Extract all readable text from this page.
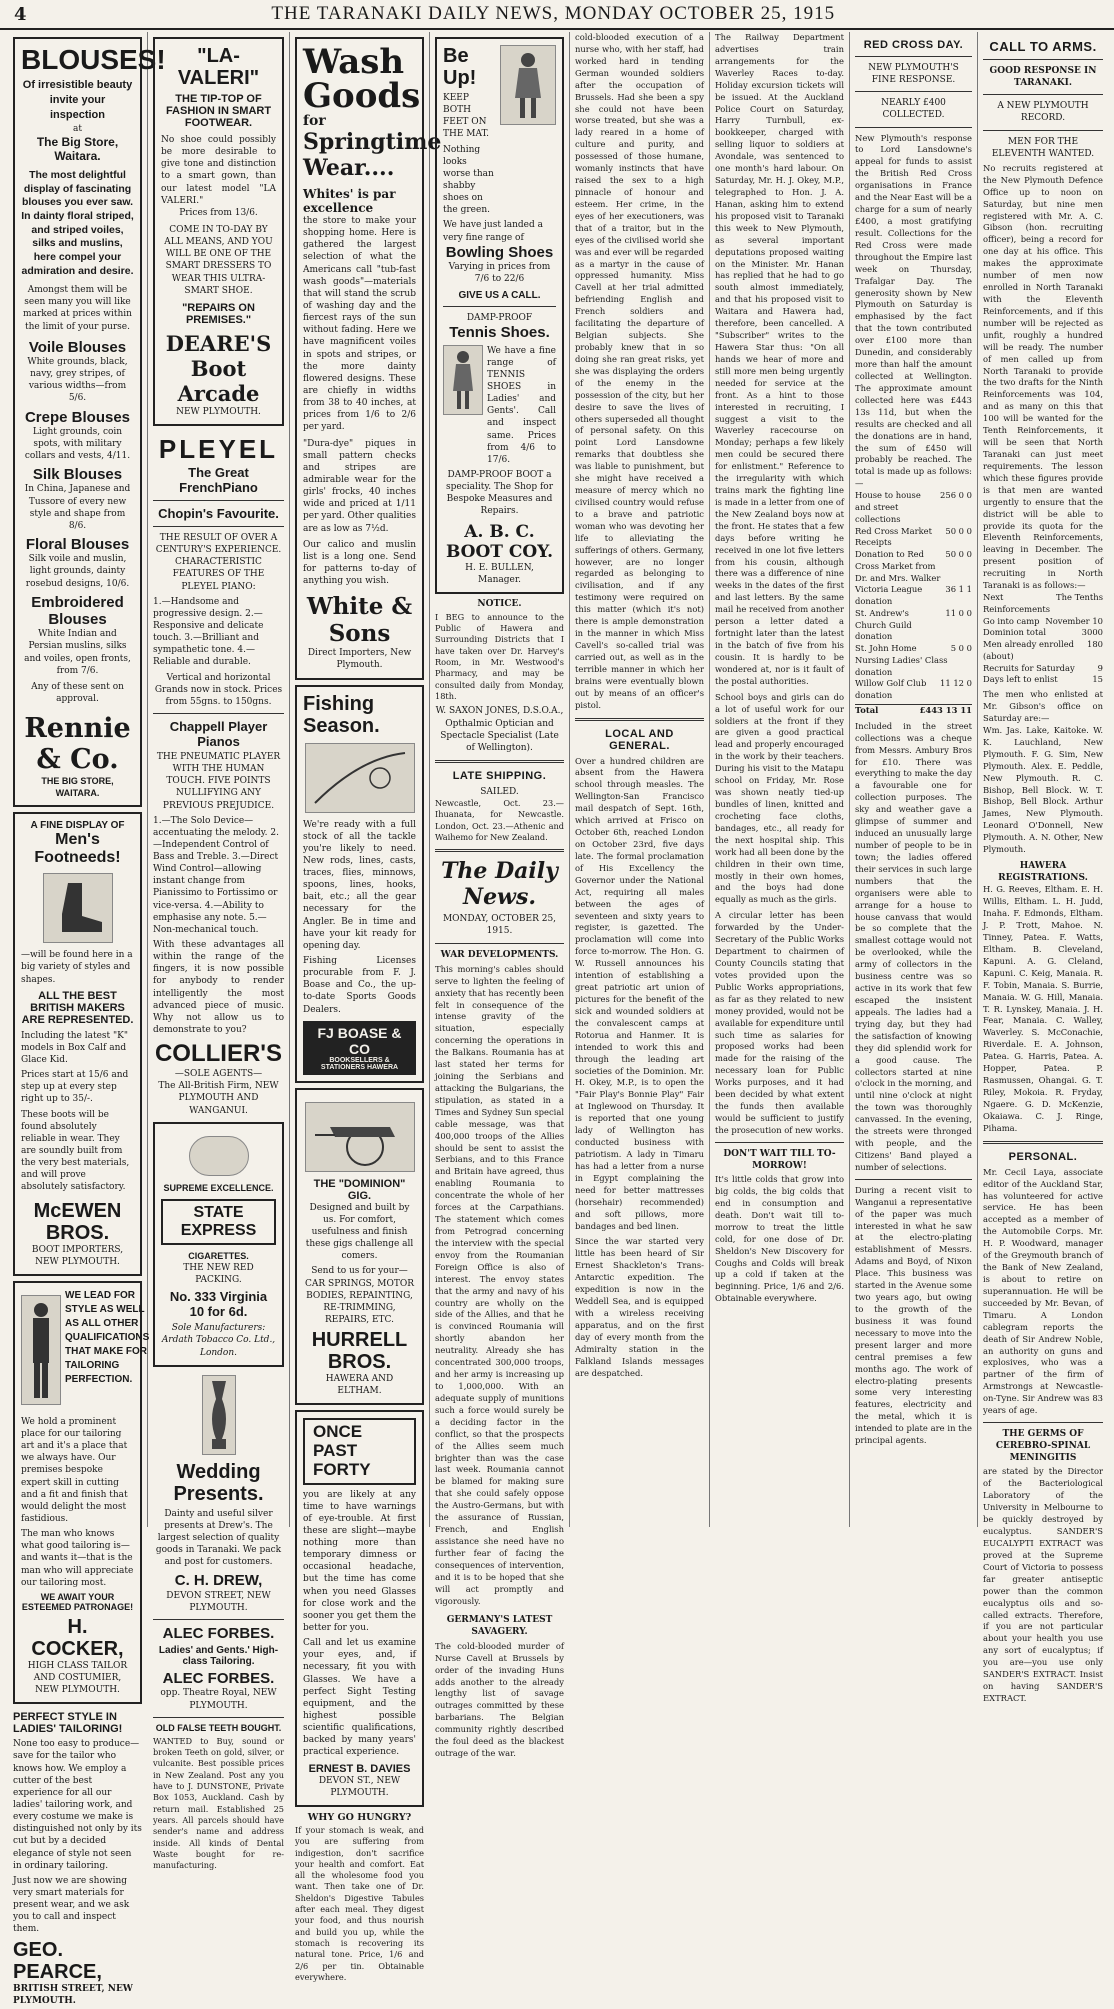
4	THE TARANAKI DAILY NEWS, MONDAY OCTOBER 25, 1915
BLOUSES!
Of irresistible beauty invite your inspection
at
The Big Store, Waitara.
The most delightful display of fascinating blouses you ever saw. In dainty floral striped, and striped voiles, silks and muslins, here compel your admiration and desire.
Amongst them will be seen many you will like marked at prices within the limit of your purse.
Voile Blouses
White grounds, black, navy, grey stripes, of various widths—from 5/6.
Crepe Blouses
Light grounds, coin spots, with military collars and vests, 4/11.
Silk Blouses
In China, Japanese and Tussore of every new style and shape from 8/6.
Floral Blouses
Silk voile and muslin, light grounds, dainty rosebud designs, 10/6.
Embroidered Blouses
White Indian and Persian muslins, silks and voiles, open fronts, from 7/6.
Any of these sent on approval.
Rennie & Co.
THE BIG STORE, WAITARA.
A FINE DISPLAY OF
Men's Footneeds!
—will be found here in a big variety of styles and shapes.
ALL THE BEST BRITISH MAKERS ARE REPRESENTED.
Including the latest "K" models in Box Calf and Glace Kid.
Prices start at 15/6 and step up at every step right up to 35/-.
These boots will be found absolutely reliable in wear. They are soundly built from the very best materials, and will prove absolutely satisfactory.
McEWEN BROS.
BOOT IMPORTERS, NEW PLYMOUTH.
WE LEAD FOR STYLE AS WELL AS ALL OTHER QUALIFICATIONS THAT MAKE FOR TAILORING PERFECTION.
We hold a prominent place for our tailoring art and it's a place that we always have. Our premises bespoke expert skill in cutting and a fit and finish that would delight the most fastidious.
The man who knows what good tailoring is—and wants it—that is the man who will appreciate our tailoring most.
WE AWAIT YOUR ESTEEMED PATRONAGE!
H. COCKER,
HIGH CLASS TAILOR AND COSTUMIER, NEW PLYMOUTH.
PERFECT STYLE IN LADIES' TAILORING!
None too easy to produce—save for the tailor who knows how. We employ a cutter of the best experience for all our ladies' tailoring work, and every costume we make is distinguished not only by its cut but by a decided elegance of style not seen in ordinary tailoring.
Just now we are showing very smart materials for present wear, and we ask you to call and inspect them.
GEO. PEARCE,
BRITISH STREET, NEW PLYMOUTH.
"LA-VALERI"
THE TIP-TOP OF FASHION IN SMART FOOTWEAR.
No shoe could possibly be more desirable to give tone and distinction to a smart gown, than our latest model "LA VALERI."
Prices from 13/6.
COME IN TO-DAY BY ALL MEANS, AND YOU WILL BE ONE OF THE SMART DRESSERS TO WEAR THIS ULTRA-SMART SHOE.
"REPAIRS ON PREMISES."
DEARE'S Boot Arcade
NEW PLYMOUTH.
PLEYEL
The Great FrenchPiano
Chopin's Favourite.
THE RESULT OF OVER A CENTURY'S EXPERIENCE. CHARACTERISTIC FEATURES OF THE PLEYEL PIANO:
1.—Handsome and progressive design. 2.—Responsive and delicate touch. 3.—Brilliant and sympathetic tone. 4.—Reliable and durable.
Vertical and horizontal Grands now in stock. Prices from 55gns. to 150gns.
Chappell Player Pianos
THE PNEUMATIC PLAYER WITH THE HUMAN TOUCH. FIVE POINTS NULLIFYING ANY PREVIOUS PREJUDICE.
1.—The Solo Device—accentuating the melody. 2.—Independent Control of Bass and Treble. 3.—Direct Wind Control—allowing instant change from Pianissimo to Fortissimo or vice-versa. 4.—Ability to emphasise any note. 5.—Non-mechanical touch.
With these advantages all within the range of the fingers, it is now possible for anybody to render intelligently the most advanced piece of music. Why not allow us to demonstrate to you?
COLLIER'S
—SOLE AGENTS—
The All-British Firm, NEW PLYMOUTH AND WANGANUI.
SUPREME EXCELLENCE.
STATE EXPRESS
CIGARETTES.
THE NEW RED PACKING.
No. 333 Virginia 10 for 6d.
Sole Manufacturers: Ardath Tobacco Co. Ltd., London.
Wedding Presents.
Dainty and useful silver presents at Drew's. The largest selection of quality goods in Taranaki. We pack and post for customers.
C. H. DREW,
DEVON STREET, NEW PLYMOUTH.
ALEC FORBES.
Ladies' and Gents.' High-class Tailoring.
ALEC FORBES.
opp. Theatre Royal, NEW PLYMOUTH.
OLD FALSE TEETH BOUGHT.
WANTED to Buy, sound or broken Teeth on gold, silver, or vulcanite. Best possible prices in New Zealand. Post any you have to J. DUNSTONE, Private Box 1053, Auckland. Cash by return mail. Established 25 years. All parcels should have sender's name and address inside. All kinds of Dental Waste bought for re-manufacturing.
Wash
Goods
for
Springtime
Wear....
Whites' is par excellence
the store to make your shopping home. Here is gathered the largest selection of what the Americans call "tub-fast wash goods"—materials that will stand the scrub of washing day and the fiercest rays of the sun without fading. Here we have magnificent voiles in spots and stripes, or the more dainty flowered designs. These are chiefly in widths from 38 to 40 inches, at prices from 1/6 to 2/6 per yard.
"Dura-dye" piques in small pattern checks and stripes are admirable wear for the girls' frocks, 40 inches wide and priced at 1/11 per yard. Other qualities are as low as 7½d.
Our calico and muslin list is a long one. Send for patterns to-day of anything you wish.
White & Sons
Direct Importers, New Plymouth.
Fishing Season.
We're ready with a full stock of all the tackle you're likely to need. New rods, lines, casts, traces, flies, minnows, spoons, lines, hooks, bait, etc.; all the gear necessary for the Angler. Be in time and have your kit ready for opening day.
Fishing Licenses procurable from F. J. Boase and Co., the up-to-date Sports Goods Dealers.
FJ BOASE & CO
BOOKSELLERS & STATIONERS HAWERA
THE "DOMINION" GIG.
Designed and built by us. For comfort, usefulness and finish these gigs challenge all comers.
Send to us for your—
CAR SPRINGS, MOTOR BODIES, REPAINTING, RE-TRIMMING, REPAIRS, ETC.
HURRELL BROS.
HAWERA AND ELTHAM.
ONCE PAST FORTY
you are likely at any time to have warnings of eye-trouble. At first these are slight—maybe nothing more than temporary dimness or occasional headache, but the time has come when you need Glasses for close work and the sooner you get them the better for you.
Call and let us examine your eyes, and, if necessary, fit you with Glasses. We have a perfect Sight Testing equipment, and the highest possible scientific qualifications, backed by many years' practical experience.
ERNEST B. DAVIES
DEVON ST., NEW PLYMOUTH.
WHY GO HUNGRY?
If your stomach is weak, and you are suffering from indigestion, don't sacrifice your health and comfort. Eat all the wholesome food you want. Then take one of Dr. Sheldon's Digestive Tabules after each meal. They digest your food, and thus nourish and build you up, while the stomach is recovering its natural tone. Price, 1/6 and 2/6 per tin. Obtainable everywhere.
Be Up!
KEEP BOTH FEET ON THE MAT.
Nothing looks worse than shabby shoes on the green.
We have just landed a very fine range of
Bowling Shoes
Varying in prices from 7/6 to 22/6
GIVE US A CALL.
DAMP-PROOF
Tennis Shoes.
We have a fine range of TENNIS SHOES in Ladies' and Gents'. Call and inspect same. Prices from 4/6 to 17/6.
DAMP-PROOF BOOT a speciality. The Shop for Bespoke Measures and Repairs.
A. B. C. BOOT COY.
H. E. BULLEN, Manager.
NOTICE.
I BEG to announce to the Public of Hawera and Surrounding Districts that I have taken over Dr. Harvey's Room, in Mr. Westwood's Pharmacy, and may be consulted daily from Monday, 18th.
W. SAXON JONES, D.S.O.A., Opthalmic Optician and Spectacle Specialist (Late of Wellington).
LATE SHIPPING.
SAILED.
Newcastle, Oct. 23.—Ihuanata, for Newcastle. London, Oct. 23.—Athenic and Waihemo for New Zealand.
The Daily News.
MONDAY, OCTOBER 25, 1915.
WAR DEVELOPMENTS.
This morning's cables should serve to lighten the feeling of anxiety that has recently been felt in consequence of the intense gravity of the situation, especially concerning the operations in the Balkans. Roumania has at last stated her terms for joining the Serbians and attacking the Bulgarians, the stipulation, as stated in a Times and Sydney Sun special cable message, was that 400,000 troops of the Allies should be sent to assist the Serbians, and to this France and Britain have agreed, thus enabling Roumania to concentrate the whole of her forces at the Carpathians. The statement which comes from Petrograd concerning the interview with the special envoy from the Roumanian Foreign Office is also of interest. The envoy states that the army and navy of his country are wholly on the side of the Allies, and that he is convinced Roumania will shortly abandon her neutrality. Already she has concentrated 300,000 troops, and her army is increasing up to 1,000,000. With an adequate supply of munitions such a force would surely be a deciding factor in the conflict, so that the prospects of the Allies seem much brighter than was the case last week. Roumania cannot be blamed for making sure that she could safely oppose the Austro-Germans, but with the assurance of Russian, French, and English assistance she need have no further fear of facing the consequences of intervention, and it is to be hoped that she will act promptly and vigorously.
GERMANY'S LATEST SAVAGERY.
The cold-blooded murder of Nurse Cavell at Brussels by order of the invading Huns adds another to the already lengthy list of savage outrages committed by these barbarians. The Belgian community rightly described the foul deed as the blackest outrage of the war.
cold-blooded execution of a nurse who, with her staff, had worked hard in tending German wounded soldiers after the occupation of Brussels. Had she been a spy she could not have been worse treated, but she was a lady reared in a home of culture and purity, and possessed of those humane, womanly instincts that have raised the sex to a high pinnacle of honour and esteem. Her crime, in the eyes of her executioners, was that of a traitor, but in the eyes of the civilised world she was and ever will be regarded as a martyr in the cause of oppressed humanity. Miss Cavell at her trial admitted befriending English and French soldiers and facilitating the departure of Belgian subjects. She probably knew that in so doing she ran great risks, yet she was displaying the orders of the enemy in the possession of the city, but her desire to save the lives of others superseded all thought of personal safety. On this point Lord Lansdowne remarks that doubtless she was liable to punishment, but she might have received a measure of mercy which no civilised country would refuse to a brave and patriotic woman who was devoting her life to alleviating the sufferings of others. Germany, however, are no longer regarded as belonging to civilisation, and if any testimony were required on this matter (which it's not) there is ample demonstration in the manner in which Miss Cavell's so-called trial was carried out, as well as in the terrible manner in which her brains were eventually blown out by means of an officer's pistol.
LOCAL AND GENERAL.
Over a hundred children are absent from the Hawera school through measles. The Wellington-San Francisco mail despatch of Sept. 16th, which arrived at Frisco on October 6th, reached London on October 23rd, five days late. The formal proclamation of His Excellency the Governor under the National Act, requiring all males between the ages of seventeen and sixty years to register, is gazetted. The proclamation will come into force to-morrow. The Hon. G. W. Russell announces his intention of establishing a great patriotic art union of pictures for the benefit of the sick and wounded soldiers at the convalescent camps at Rotorua and Hanmer. It is intended to work this and through the leading art societies of the Dominion. Mr. H. Okey, M.P., is to open the "Fair Play's Bonnie Play" Fair at Inglewood on Thursday. It is reported that one young lady of Wellington has conducted business with patriotism. A lady in Timaru has had a letter from a nurse in Egypt complaining the need for better mattresses (horsehair) recommended) and soft pillows, more bandages and bed linen.
Since the war started very little has been heard of Sir Ernest Shackleton's Trans-Antarctic expedition. The expedition is now in the Weddell Sea, and is equipped with a wireless receiving apparatus, and on the first day of every month from the Admiralty station in the Falkland Islands messages are despatched.
The Railway Department advertises train arrangements for the Waverley Races to-day. Holiday excursion tickets will be issued. At the Auckland Police Court on Saturday, Harry Turnbull, ex-bookkeeper, charged with selling liquor to soldiers at Avondale, was sentenced to one month's hard labour. On Saturday, Mr. H. J. Okey, M.P., telegraphed to Hon. J. A. Hanan, asking him to extend his proposed visit to Taranaki this week to New Plymouth, as several important deputations proposed waiting on the Minister. Mr. Hanan has replied that he had to go south almost immediately, and that his proposed visit to Waitara and Hawera had, therefore, been cancelled. A "Subscriber" writes to the Hawera Star thus: "On all hands we hear of more and still more men being urgently needed for service at the front. As a hint to those interested in recruiting, I suggest a visit to the Waverley racecourse on Monday; perhaps a few likely men could be secured there for enlistment." Reference to the irregularity with which trains mark the fighting line is made in a letter from one of the New Zealand boys now at the front. He states that a few days before writing he received in one lot five letters from his cousin, although there was a difference of nine weeks in the dates of the first and last letters. By the same mail he received from another person a letter dated a fortnight later than the latest in the batch of five from his cousin. It is hardly to be wondered at, nor is it fault of the postal authorities.
School boys and girls can do a lot of useful work for our soldiers at the front if they are given a good practical lead and properly encouraged in the work by their teachers. During his visit to the Matapu school on Friday, Mr. Rose was shown neatly tied-up bundles of linen, knitted and crocheting face cloths, bandages, etc., all ready for the next hospital ship. This work had all been done by the children in their own time, mostly in their own homes, and the boys had done equally as much as the girls.
A circular letter has been forwarded by the Under-Secretary of the Public Works Department to chairmen of County Councils stating that votes provided upon the Public Works appropriations, as far as they related to new money provided, would not be available for expenditure until such time as salaries for proposed works had been made for the raising of the necessary loan for Public Works purposes, and it had been decided by what extent the funds then available would be sufficient to justify the prosecution of new works.
DON'T WAIT TILL TO-MORROW!
It's little colds that grow into big colds, the big colds that end in consumption and death. Don't wait till to-morrow to treat the little cold, for one dose of Dr. Sheldon's New Discovery for Coughs and Colds will break up a cold if taken at the beginning. Price, 1/6 and 2/6. Obtainable everywhere.
RED CROSS DAY.
NEW PLYMOUTH'S FINE RESPONSE.
NEARLY £400 COLLECTED.
New Plymouth's response to Lord Lansdowne's appeal for funds to assist the British Red Cross organisations in France and the Near East will be a charge for a sum of nearly £400, a most gratifying result. Collections for the Red Cross were made throughout the Empire last week on Thursday, Trafalgar Day. The generosity shown by New Plymouth on Saturday is emphasised by the fact that the town contributed over £100 more than Dunedin, and considerably more than half the amount collected at Wellington. The approximate amount collected here was £443 13s 11d, but when the results are checked and all the donations are in hand, the sum of £450 will probably be reached. The total is made up as follows:—
House to house and street collections
256 0 0
Red Cross Market Receipts
50 0 0
Donation to Red Cross Market from Dr. and Mrs. Walker
50 0 0
Victoria League donation
36 1 1
St. Andrew's Church Guild donation
11 0 0
St. John Home Nursing Ladies' Class donation
5 0 0
Willow Golf Club donation
11 12 0
Total	£443 13 11
Included in the street collections was a cheque from Messrs. Ambury Bros for £10. There was everything to make the day a favourable one for collection purposes. The sky and weather gave a glimpse of summer and induced an unusually large number of people to be in town; the ladies offered their services in such large numbers that the organisers were able to arrange for a house to house canvass that would be so complete that the smallest cottage would not be overlooked, while the army of collectors in the business centre was so active in its work that few escaped the insistent appeals. The ladies had a trying day, but they had the satisfaction of knowing they did splendid work for a good cause. The collectors started at nine o'clock in the morning, and until nine o'clock at night the town was thoroughly canvassed. In the evening, the streets were thronged with people, and the Citizens' Band played a number of selections.
During a recent visit to Wanganui a representative of the paper was much interested in what he saw at the electro-plating establishment of Messrs. Adams and Boyd, of Nixon Place. This business was started in the Avenue some two years ago, but owing to the growth of the business it was found necessary to move into the present larger and more central premises a few months ago. The work of electro-plating presents some very interesting features, electricity and the metal, which it is intended to plate are in the principal agents.
CALL TO ARMS.
GOOD RESPONSE IN TARANAKI.
A NEW PLYMOUTH RECORD.
MEN FOR THE ELEVENTH WANTED.
No recruits registered at the New Plymouth Defence Office up to noon on Saturday, but nine men registered with Mr. A. C. Gibson (hon. recruiting officer), being a record for one day at his office. This makes the approximate number of men now enrolled in North Taranaki with the Eleventh Reinforcements, and if this number will be rejected as unfit, roughly a hundred will be ready. The number of men called up from North Taranaki to provide the two drafts for the Ninth Reinforcements was 104, and as many on this that 100 will be wanted for the Tenth Reinforcements, it will be seen that North Taranaki can just meet requirements. The lesson which these figures provide is that men are wanted urgently to ensure that the district will be able to provide its quota for the Eleventh Reinforcements, leaving in December. The present position of recruiting in North Taranaki is as follows:—
Next Reinforcements
The Tenths
Go into camp November 10
Dominion total	3000
Men already enrolled (about)
180
Recruits for Saturday	9
Days left to enlist	15
The men who enlisted at Mr. Gibson's office on Saturday are:—
Wm. Jas. Lake, Kaitoke. W. K. Lauchland, New Plymouth. F. G. Sim, New Plymouth. Alex. E. Peddle, New Plymouth. R. C. Bishop, Bell Block. W. T. Bishop, Bell Block. Arthur James, New Plymouth. Leonard O'Donnell, New Plymouth. A. N. Other, New Plymouth.
HAWERA REGISTRATIONS.
H. G. Reeves, Eltham. E. H. Willis, Eltham. L. H. Judd, Inaha. F. Edmonds, Eltham. J. P. Trott, Mahoe. N. Tinney, Patea. F. Watts, Eltham. B. Cleveland, Kapuni. A. G. Cleland, Kapuni. C. Keig, Manaia. R. F. Tobin, Manaia. S. Burrie, Manaia. W. G. Hill, Manaia. T. R. Lynskey, Manaia. J. H. Fear, Manaia. C. Walley, Waverley. S. McConachie, Riverdale. E. A. Johnson, Patea. G. Harris, Patea. A. Hopper, Patea. P. Rasmussen, Ohangai. G. T. Riley, Mokoia. R. Fryday, Ngaere. G. D. McKenzie, Okaiawa. C. J. Ringe, Pihama.
PERSONAL.
Mr. Cecil Laya, associate editor of the Auckland Star, has volunteered for active service. He has been accepted as a member of the Automobile Corps. Mr. H. P. Woodward, manager of the Greymouth branch of the Bank of New Zealand, is about to retire on superannuation. He will be succeeded by Mr. Bevan, of Timaru. A London cablegram reports the death of Sir Andrew Noble, an authority on guns and explosives, who was a partner of the firm of Armstrongs at Newcastle-on-Tyne. Sir Andrew was 83 years of age.
THE GERMS OF CEREBRO-SPINAL MENINGITIS
are stated by the Director of the Bacteriological Laboratory of the University in Melbourne to be quickly destroyed by eucalyptus. SANDER'S EUCALYPTI EXTRACT was proved at the Supreme Court of Victoria to possess far greater antiseptic power than the common eucalyptus oils and so-called extracts. Therefore, if you are not particular about your health you use any sort of eucalyptus; if you are—you use only SANDER'S EXTRACT. Insist on having SANDER'S EXTRACT.
